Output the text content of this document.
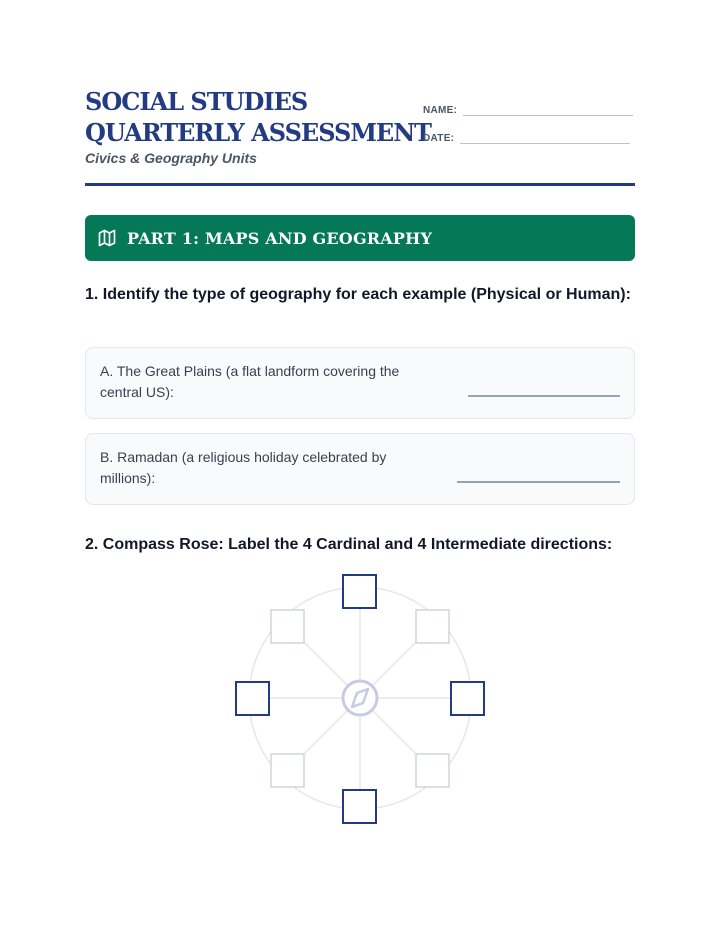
SOCIAL STUDIES
QUARTERLY ASSESSMENT
Civics & Geography Units
NAME:
DATE:
PART 1: MAPS AND GEOGRAPHY
1. Identify the type of geography for each example (Physical or Human):
A. The Great Plains (a flat landform covering the central US):
B. Ramadan (a religious holiday celebrated by millions):
2. Compass Rose: Label the 4 Cardinal and 4 Intermediate directions:
